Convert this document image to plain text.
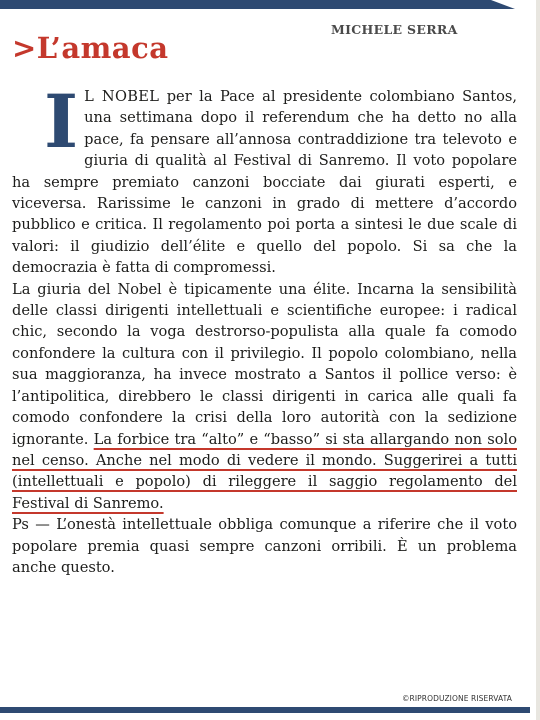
>L’amaca
MICHELE SERRA

I L NOBEL per la Pace al presidente colombiano Santos, una settimana dopo il referendum che ha detto no alla pace, fa pensare all’annosa contraddizione tra televoto e giuria di qualità al Festival di Sanremo. Il voto popolare ha sempre premiato canzoni bocciate dai giurati esperti, e viceversa. Rarissime le canzoni in grado di mettere d’accordo pubblico e critica. Il regolamento poi porta a sintesi le due scale di valori: il giudizio dell’élite e quello del popolo. Si sa che la democrazia è fatta di compromessi.

La giuria del Nobel è tipicamente una élite. Incarna la sensibilità delle classi dirigenti intellettuali e scientifiche europee: i radical chic, secondo la voga destrorso-populista alla quale fa comodo confondere la cultura con il privilegio. Il popolo colombiano, nella sua maggioranza, ha invece mostrato a Santos il pollice verso: è l’antipolitica, direbbero le classi dirigenti in carica alle quali fa comodo confondere la crisi della loro autorità con la sedizione ignorante. La forbice tra “alto” e “basso” si sta allargando non solo nel censo. Anche nel modo di vedere il mondo. Suggerirei a tutti (intellettuali e popolo) di rileggere il saggio regolamento del Festival di Sanremo.

Ps — L’onestà intellettuale obbliga comunque a riferire che il voto popolare premia quasi sempre canzoni orribili. È un problema anche questo.

©RIPRODUZIONE RISERVATA
